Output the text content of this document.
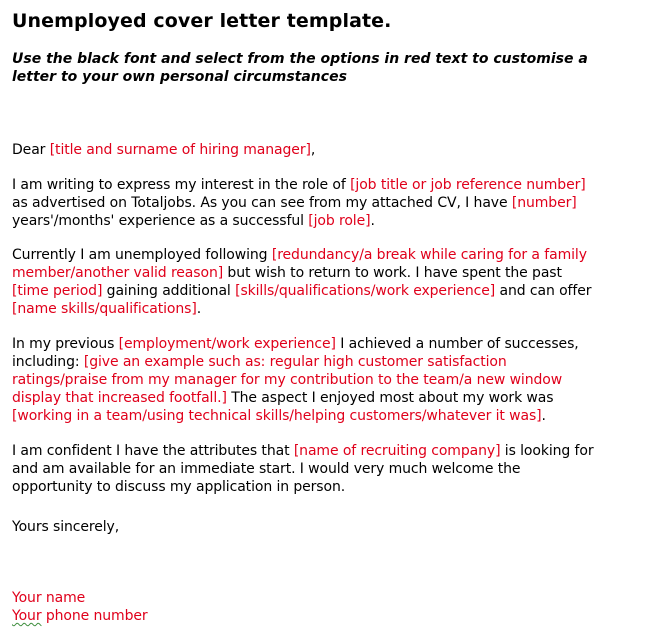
Unemployed cover letter template.

Use the black font and select from the options in red text to customise a
letter to your own personal circumstances

Dear [title and surname of hiring manager],

I am writing to express my interest in the role of [job title or job reference number]

as advertised on Totaljobs. As you can see from my attached CV, I have [number]

years'/months' experience as a successful [job role].

Currently I am unemployed following [redundancy/a break while caring for a family

member/another valid reason] but wish to return to work. I have spent the past

[time period] gaining additional [skills/qualifications/work experience] and can offer

[name skills/qualifications].

In my previous [employment/work experience] I achieved a number of successes,

including: [give an example such as: regular high customer satisfaction

ratings/praise from my manager for my contribution to the team/a new window

display that increased footfall.] The aspect I enjoyed most about my work was

[working in a team/using technical skills/helping customers/whatever it was].

I am confident I have the attributes that [name of recruiting company] is looking for

and am available for an immediate start. I would very much welcome the

opportunity to discuss my application in person.

Yours sincerely,

Your name

Your phone number
